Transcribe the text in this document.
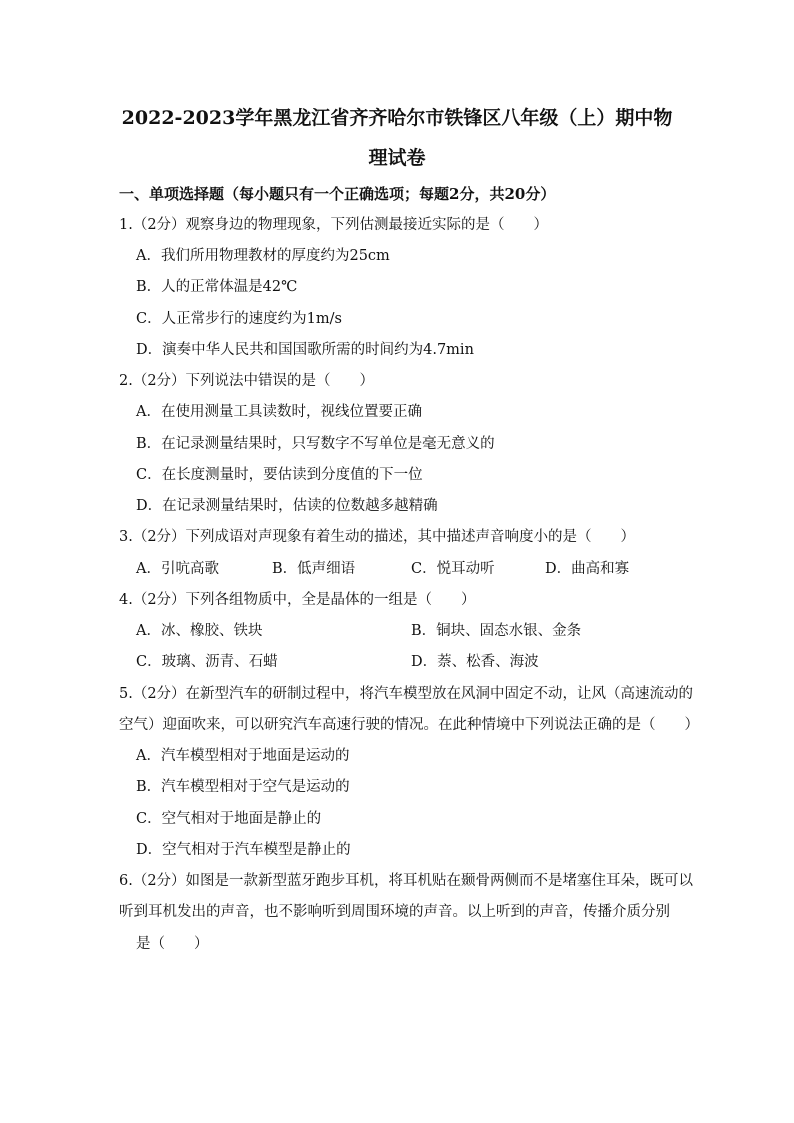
2022-2023学年黑龙江省齐齐哈尔市铁锋区八年级（上）期中物
理试卷
一、单项选择题（每小题只有一个正确选项；每题2分，共20分）
1.（2分）观察身边的物理现象，下列估测最接近实际的是（　　）
A．我们所用物理教材的厚度约为25cm
B．人的正常体温是42℃
C．人正常步行的速度约为1m/s
D．演奏中华人民共和国国歌所需的时间约为4.7min
2.（2分）下列说法中错误的是（　　）
A．在使用测量工具读数时，视线位置要正确
B．在记录测量结果时，只写数字不写单位是毫无意义的
C．在长度测量时，要估读到分度值的下一位
D．在记录测量结果时，估读的位数越多越精确
3.（2分）下列成语对声现象有着生动的描述，其中描述声音响度小的是（　　）
A．引吭高歌	B．低声细语	C．悦耳动听	D．曲高和寡
4.（2分）下列各组物质中，全是晶体的一组是（　　）
A．冰、橡胶、铁块	B．铜块、固态水银、金条
C．玻璃、沥青、石蜡	D．萘、松香、海波
5.（2分）在新型汽车的研制过程中，将汽车模型放在风洞中固定不动，让风（高速流动的
空气）迎面吹来，可以研究汽车高速行驶的情况。在此种情境中下列说法正确的是（　　）
A．汽车模型相对于地面是运动的
B．汽车模型相对于空气是运动的
C．空气相对于地面是静止的
D．空气相对于汽车模型是静止的
6.（2分）如图是一款新型蓝牙跑步耳机，将耳机贴在颞骨两侧而不是堵塞住耳朵，既可以
听到耳机发出的声音，也不影响听到周围环境的声音。以上听到的声音，传播介质分别
是（　　）
